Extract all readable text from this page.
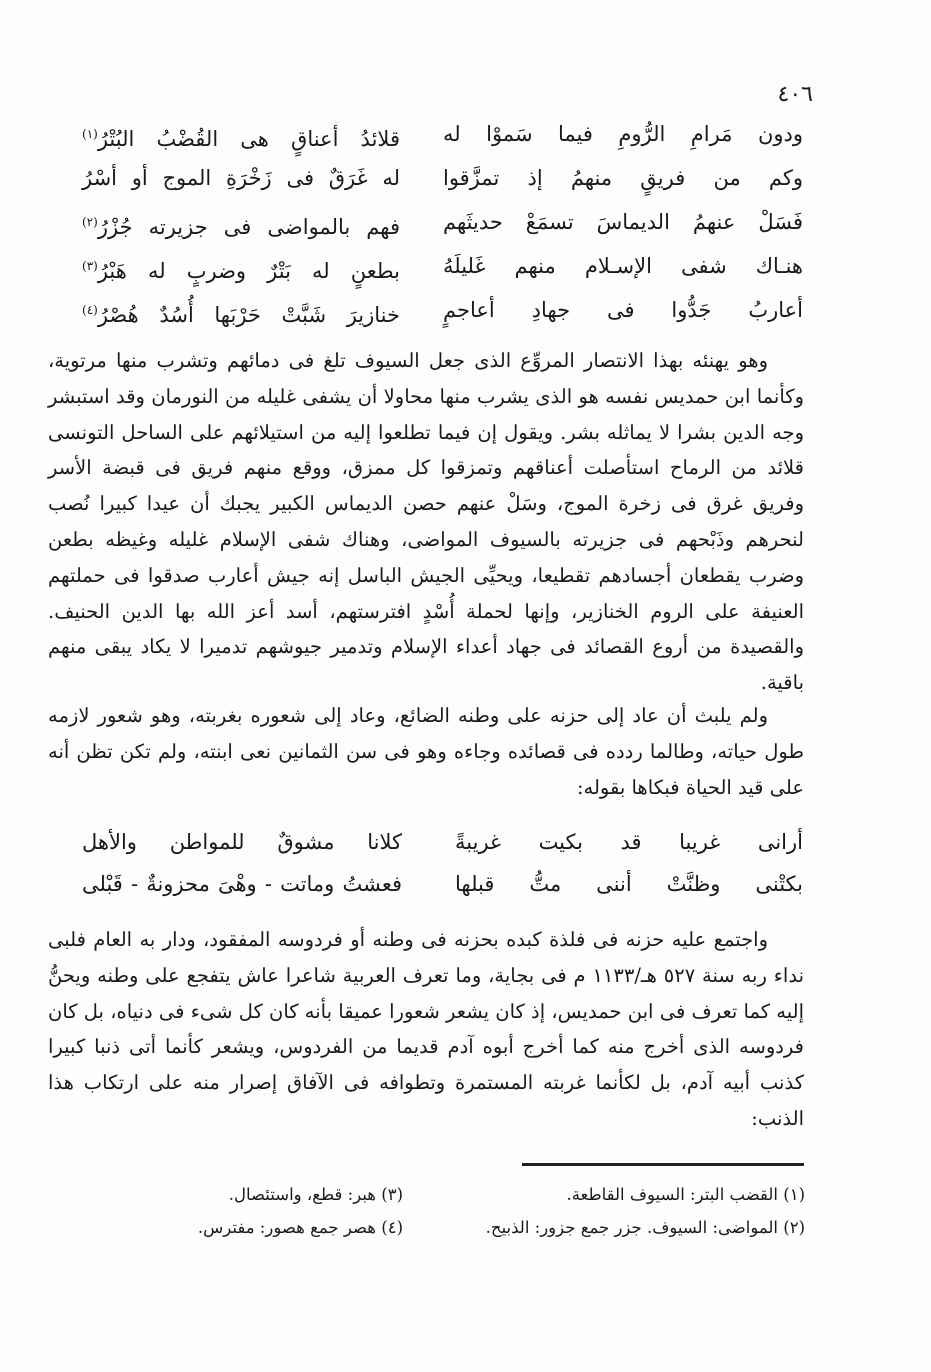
٤٠٦
ودون مَرامِ الرُّومِ فيما سَموْا له
قلائدُ أعناقٍ هى القُضْبُ البُتْرُ$^{(١)}$
وكم من فريقٍ منهمُ إذ تمزَّقوا
له غَرَقٌ فى زَخْرَةِ الموج أو أسْرُ
فَسَلْ عنهمُ الديماسَ تسمَعْ حديثَهم
فهم بالمواضى فى جزيرته جُزْرُ$^{(٢)}$
هنـاك شفى الإسـلام منهم غَليلَهُ
بطعنٍ له بَتْرٌ وضربٍ له هَبْرُ$^{(٣)}$
أعاربُ جَدُّوا فى جهادِ أعاجمٍ
خنازيرَ شَبَّتْ حَرْبَها أُسُدٌ هُصْرُ$^{(٤)}$

وهو يهنئه بهذا الانتصار المروِّع الذى جعل السيوف تلغ فى دمائهم وتشرب منها مرتوية، وكأنما ابن حمديس نفسه هو الذى يشرب منها محاولا أن يشفى غليله من النورمان وقد استبشر وجه الدين بشرا لا يماثله بشر. ويقول إن فيما تطلعوا إليه من استيلائهم على الساحل التونسى قلائد من الرماح استأصلت أعناقهم وتمزقوا كل ممزق، ووقع منهم فريق فى قبضة الأسر وفريق غرق فى زخرة الموج، وسَلْ عنهم حصن الديماس الكبير يجبك أن عيدا كبيرا نُصب لنحرهم وذَبْحهم فى جزيرته بالسيوف المواضى، وهناك شفى الإسلام غليله وغيظه بطعن وضرب يقطعان أجسادهم تقطيعا، ويحيِّى الجيش الباسل إنه جيش أعارب صدقوا فى حملتهم العنيفة على الروم الخنازير، وإنها لحملة أُسْدٍ افترستهم، أسد أعز الله بها الدين الحنيف. والقصيدة من أروع القصائد فى جهاد أعداء الإسلام وتدمير جيوشهم تدميرا لا يكاد يبقى منهم باقية.

ولم يلبث أن عاد إلى حزنه على وطنه الضائع، وعاد إلى شعوره بغربته، وهو شعور لازمه طول حياته، وطالما ردده فى قصائده وجاءه وهو فى سن الثمانين نعى ابنته، ولم تكن تظن أنه على قيد الحياة فبكاها بقوله:

أرانى غريبا قد بكيت غريبةً
كلانا مشوقٌ للمواطن والأهل
بكتْنى وظنَّتْ أننى متُّ قبلها
فعشتُ وماتت - وهْىَ محزونةٌ - قَبْلى

واجتمع عليه حزنه فى فلذة كبده بحزنه فى وطنه أو فردوسه المفقود، ودار به العام فلبى نداء ربه سنة ٥٢٧ هـ/١١٣٣ م فى بجاية، وما تعرف العربية شاعرا عاش يتفجع على وطنه ويحنُّ إليه كما تعرف فى ابن حمديس، إذ كان يشعر شعورا عميقا بأنه كان كل شىء فى دنياه، بل كان فردوسه الذى أخرج منه كما أخرج أبوه آدم قديما من الفردوس، ويشعر كأنما أتى ذنبا كبيرا كذنب أبيه آدم، بل لكأنما غربته المستمرة وتطوافه فى الآفاق إصرار منه على ارتكاب هذا الذنب:

(١) القضب البتر: السيوف القاطعة.
(٢) المواضى: السيوف. جزر جمع جزور: الذبيح.
(٣) هبر: قطع، واستئصال.
(٤) هصر جمع هصور: مفترس.
